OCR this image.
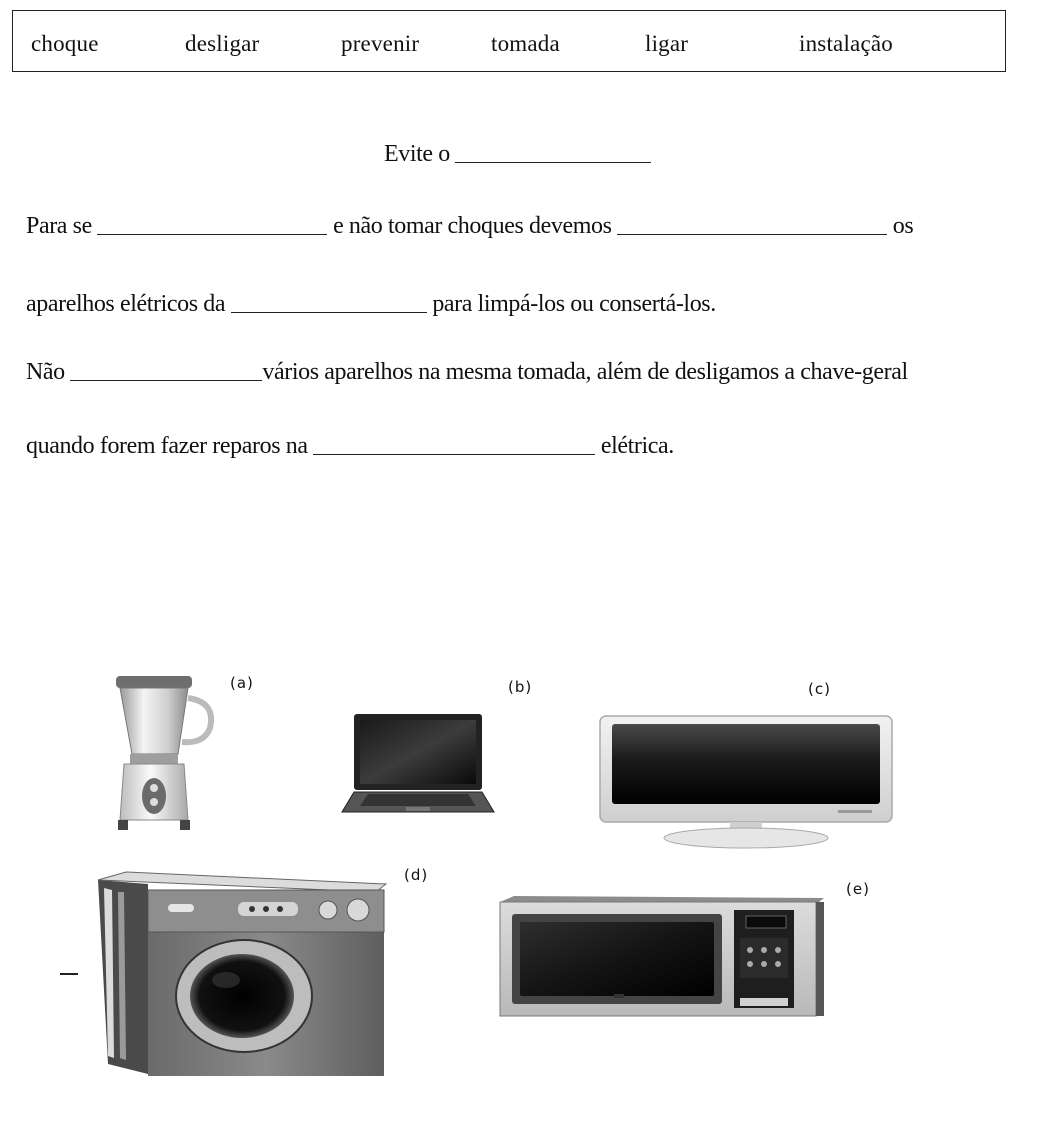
choque	desligar	prevenir	tomada	ligar	instalação
Evite o
Para se	e não tomar choques devemos	os
aparelhos elétricos da	para limpá-los ou consertá-los.
Não	vários aparelhos na mesma tomada, além de desligamos a chave-geral
quando forem fazer reparos na	elétrica.
(a)	(b)	(c)
(d)
(e)
